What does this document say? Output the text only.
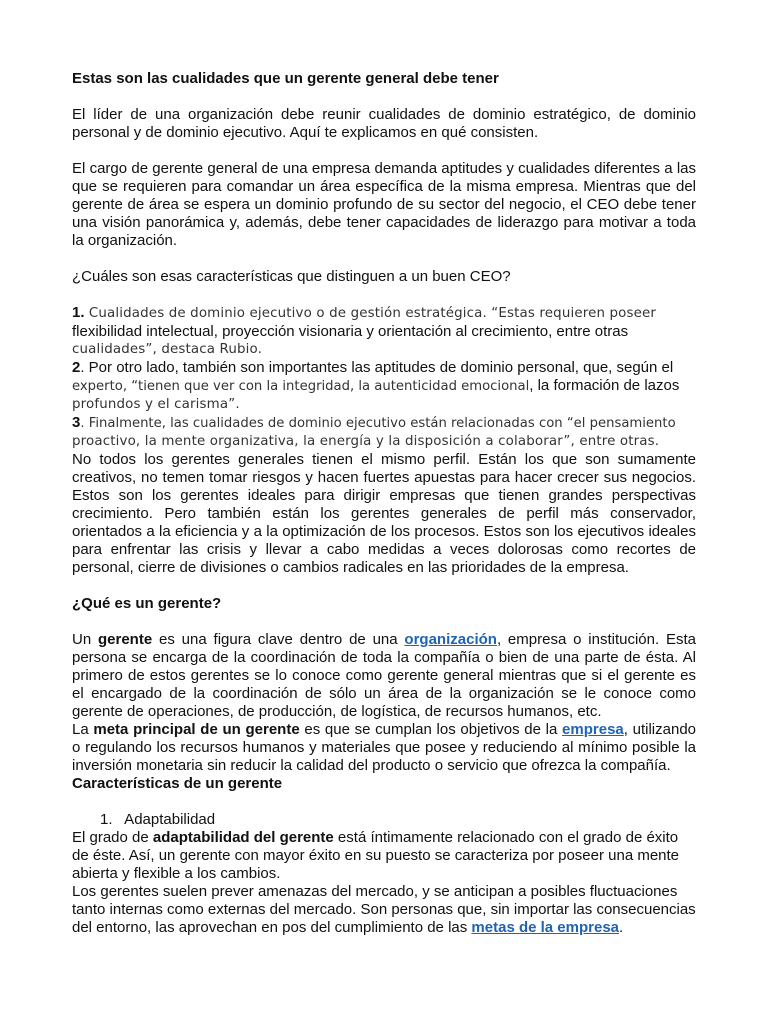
Estas son las cualidades que un gerente general debe tener

El líder de una organización debe reunir cualidades de dominio estratégico, de dominio personal y de dominio ejecutivo. Aquí te explicamos en qué consisten.

El cargo de gerente general de una empresa demanda aptitudes y cualidades diferentes a las que se requieren para comandar un área específica de la misma empresa. Mientras que del gerente de área se espera un dominio profundo de su sector del negocio, el CEO debe tener una visión panorámica y, además, debe tener capacidades de liderazgo para motivar a toda la organización.

¿Cuáles son esas características que distinguen a un buen CEO?

1. Cualidades de dominio ejecutivo o de gestión estratégica. “Estas requieren poseer

flexibilidad intelectual, proyección visionaria y orientación al crecimiento, entre otras

cualidades”, destaca Rubio.

2. Por otro lado, también son importantes las aptitudes de dominio personal, que, según el

experto, “tienen que ver con la integridad, la autenticidad emocional, la formación de lazos

profundos y el carisma”.

3. Finalmente, las cualidades de dominio ejecutivo están relacionadas con “el pensamiento

proactivo, la mente organizativa, la energía y la disposición a colaborar”, entre otras.

No todos los gerentes generales tienen el mismo perfil. Están los que son sumamente creativos, no temen tomar riesgos y hacen fuertes apuestas para hacer crecer sus negocios. Estos son los gerentes ideales para dirigir empresas que tienen grandes perspectivas crecimiento. Pero también están los gerentes generales de perfil más conservador, orientados a la eficiencia y a la optimización de los procesos. Estos son los ejecutivos ideales para enfrentar las crisis y llevar a cabo medidas a veces dolorosas como recortes de personal, cierre de divisiones o cambios radicales en las prioridades de la empresa.

¿Qué es un gerente?

Un gerente es una figura clave dentro de una organización, empresa o institución. Esta persona se encarga de la coordinación de toda la compañía o bien de una parte de ésta. Al primero de estos gerentes se lo conoce como gerente general mientras que si el gerente es el encargado de la coordinación de sólo un área de la organización se le conoce como gerente de operaciones, de producción, de logística, de recursos humanos, etc.

La meta principal de un gerente es que se cumplan los objetivos de la empresa, utilizando o regulando los recursos humanos y materiales que posee y reduciendo al mínimo posible la inversión monetaria sin reducir la calidad del producto o servicio que ofrezca la compañía.

Características de un gerente

1.   Adaptabilidad

El grado de adaptabilidad del gerente está íntimamente relacionado con el grado de éxito de éste. Así, un gerente con mayor éxito en su puesto se caracteriza por poseer una mente abierta y flexible a los cambios.

Los gerentes suelen prever amenazas del mercado, y se anticipan a posibles fluctuaciones tanto internas como externas del mercado. Son personas que, sin importar las consecuencias del entorno, las aprovechan en pos del cumplimiento de las metas de la empresa.
